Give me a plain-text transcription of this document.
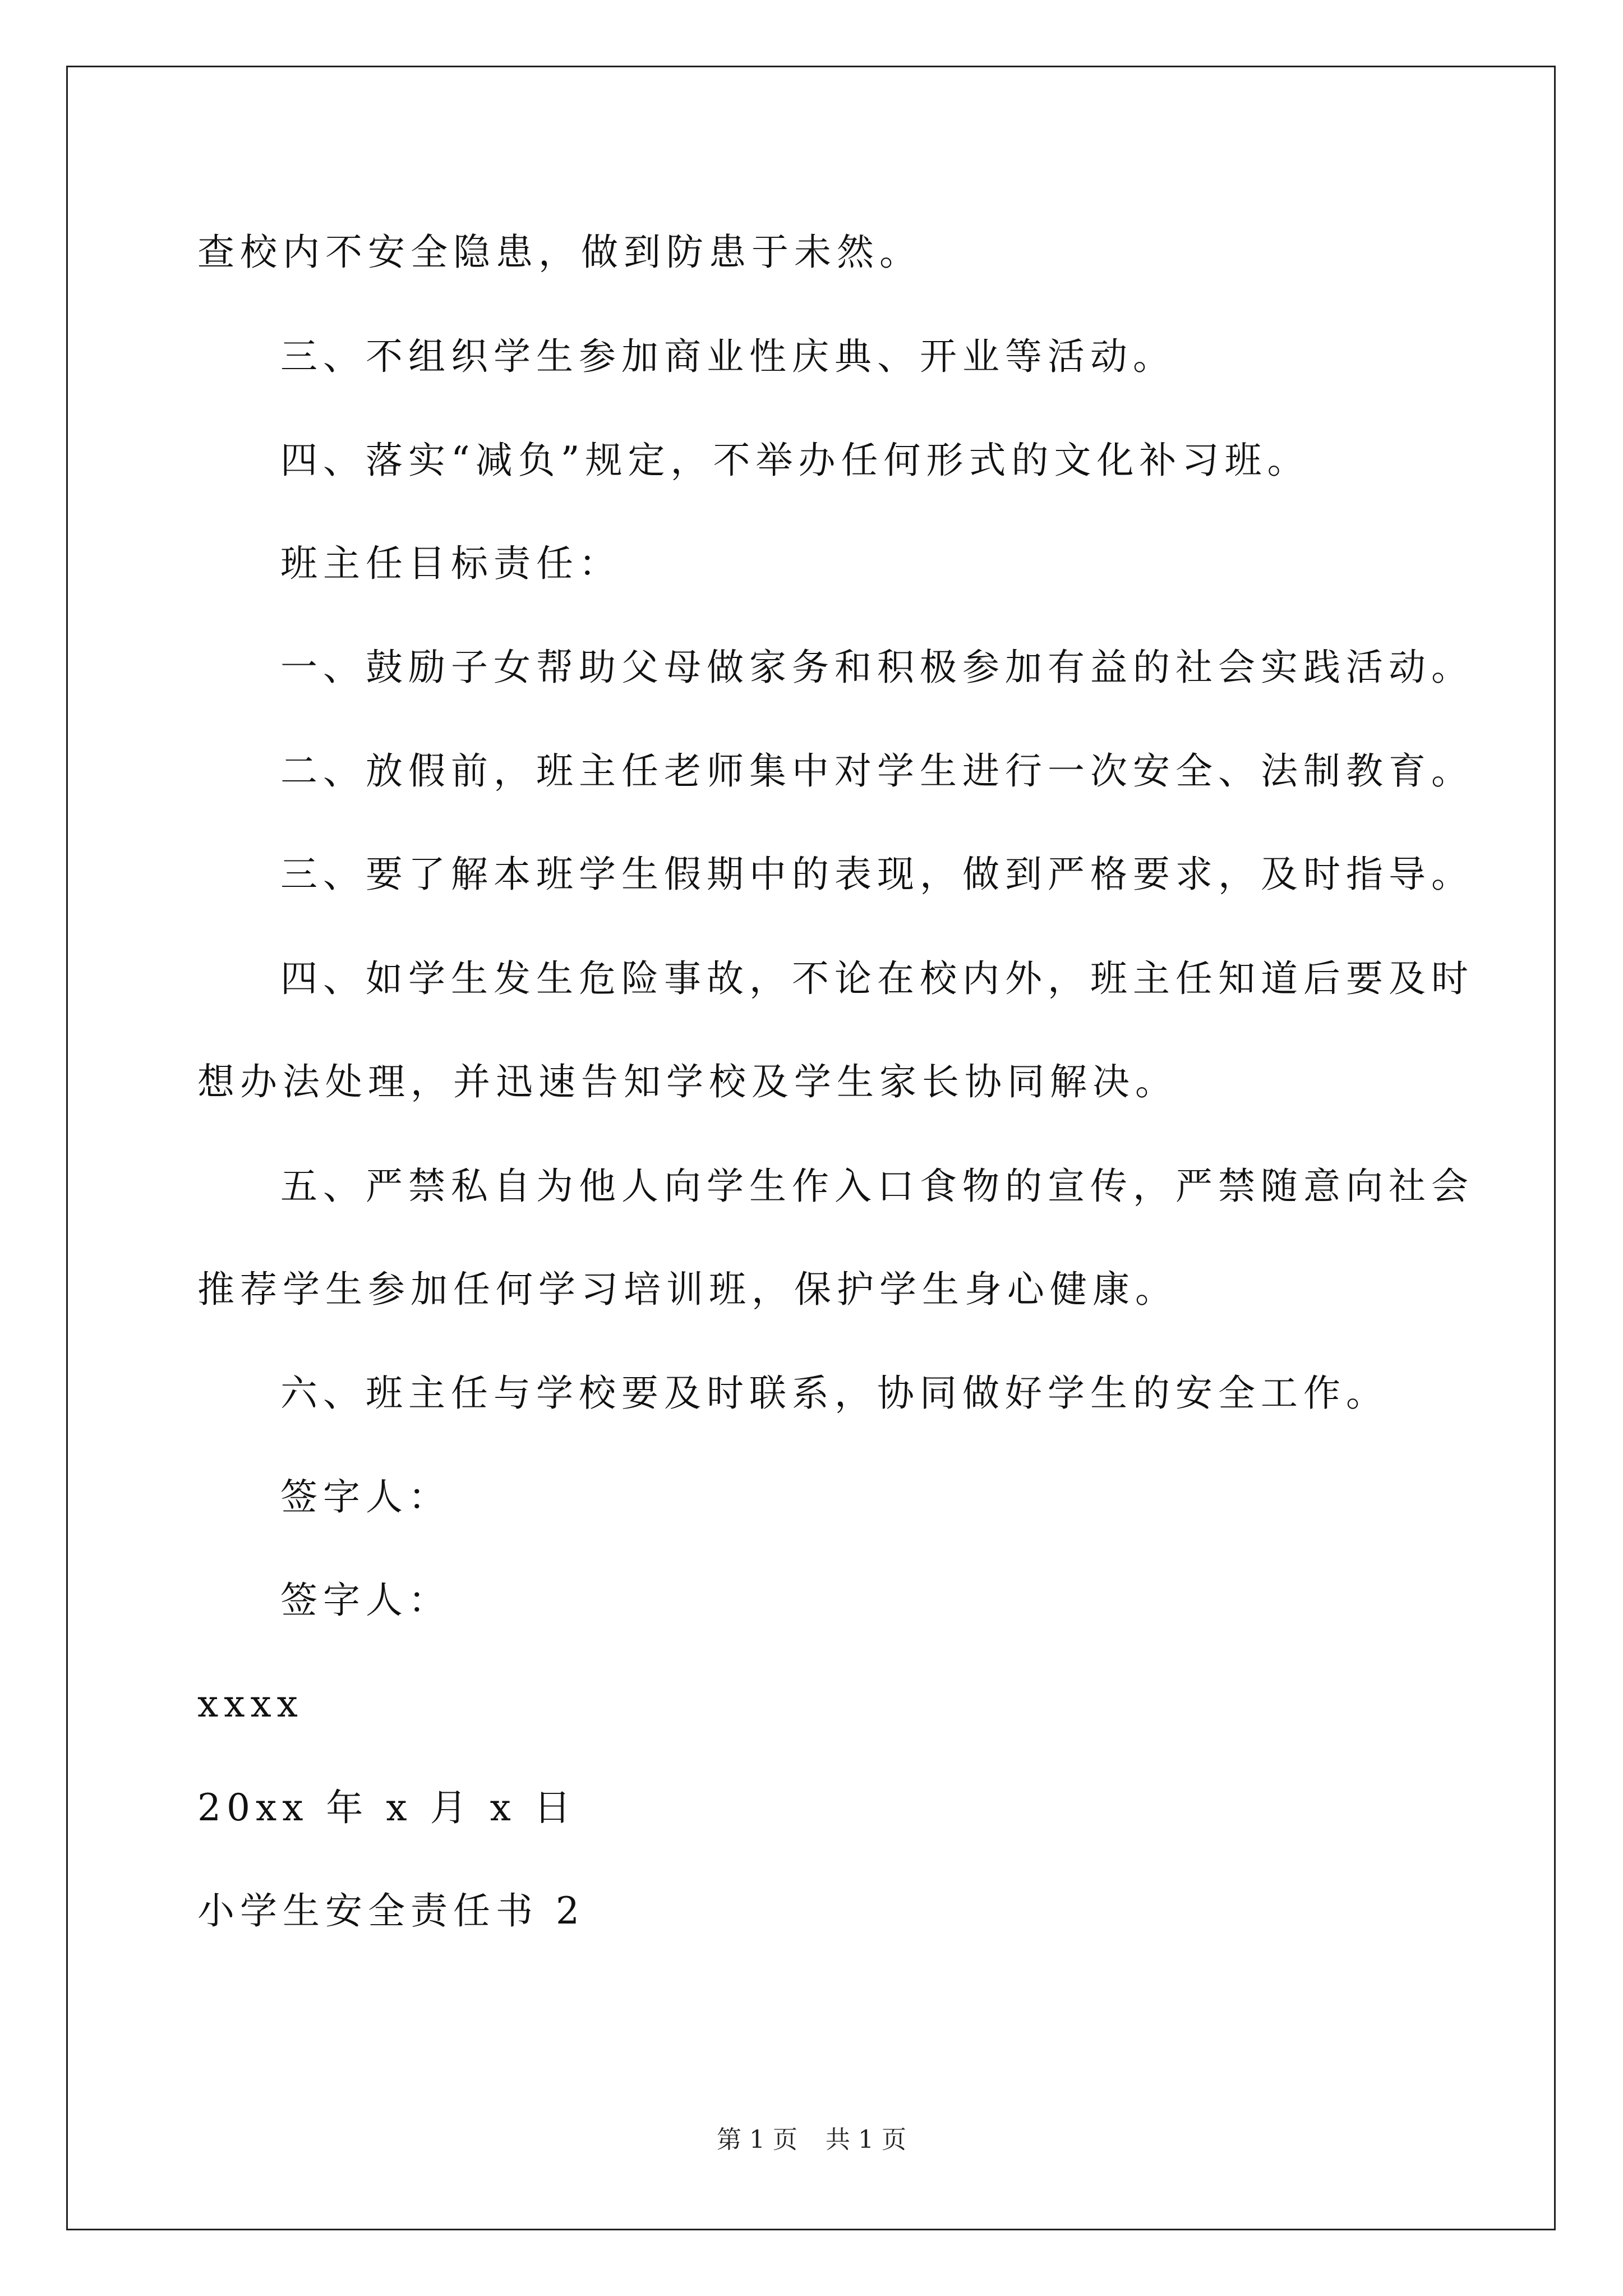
查校内不安全隐患，做到防患于未然。
三、不组织学生参加商业性庆典、开业等活动。
四、落实“减负”规定，不举办任何形式的文化补习班。
班主任目标责任：
一、鼓励子女帮助父母做家务和积极参加有益的社会实践活动。
二、放假前，班主任老师集中对学生进行一次安全、法制教育。
三、要了解本班学生假期中的表现，做到严格要求，及时指导。
四、如学生发生危险事故，不论在校内外，班主任知道后要及时
想办法处理，并迅速告知学校及学生家长协同解决。
五、严禁私自为他人向学生作入口食物的宣传，严禁随意向社会
推荐学生参加任何学习培训班，保护学生身心健康。
六、班主任与学校要及时联系，协同做好学生的安全工作。
签字人：
签字人：
xxxx
20xx 年 x 月 x 日
小学生安全责任书 2
第 1 页 共 1 页
